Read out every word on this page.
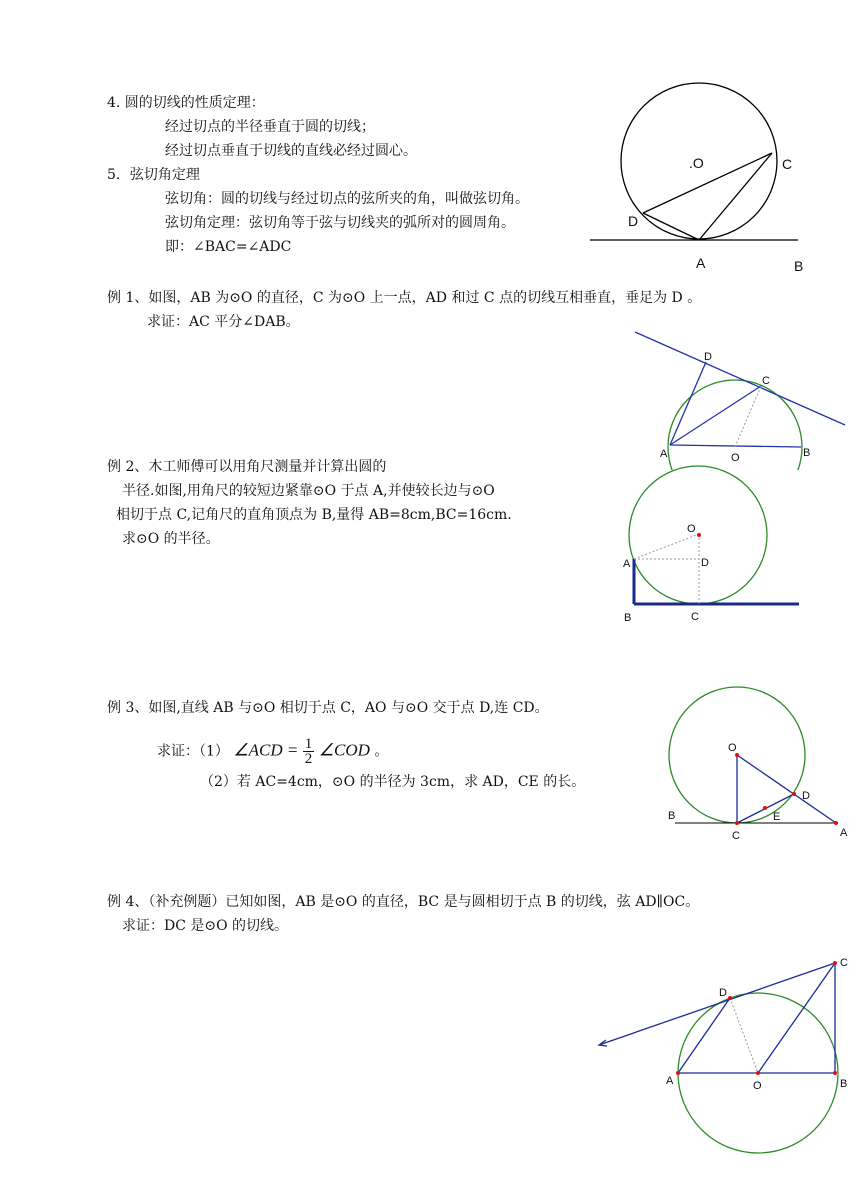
4. 圆的切线的性质定理：
经过切点的半径垂直于圆的切线；
经过切点垂直于切线的直线必经过圆心。
5．弦切角定理
弦切角：圆的切线与经过切点的弦所夹的角，叫做弦切角。
弦切角定理：弦切角等于弦与切线夹的弧所对的圆周角。
即：∠BAC=∠ADC
.O	C
D
A	B
例 1、如图，AB 为⊙O 的直径，C 为⊙O 上一点，AD 和过 C 点的切线互相垂直，垂足为 D 。
求证：AC 平分∠DAB。
D
C
A	O	B
例 2、木工师傅可以用角尺测量并计算出圆的
半径.如图,用角尺的较短边紧靠⊙O 于点 A,并使较长边与⊙O
相切于点 C,记角尺的直角顶点为 B,量得 AB=8cm,BC=16cm.
求⊙O 的半径。
O
A	D
B	C
例 3、如图,直线 AB 与⊙O 相切于点 C，AO 与⊙O 交于点 D,连 CD。
求证：（1） ∠ACD = $\frac{1}{2}$ ∠COD 。
（2）若 AC=4cm，⊙O 的半径为 3cm，求 AD，CE 的长。
O
D
E
B
C	A
例 4、（补充例题）已知如图，AB 是⊙O 的直径，BC 是与圆相切于点 B 的切线，弦 AD∥OC。
求证：DC 是⊙O 的切线。
C
D
A	O	B
